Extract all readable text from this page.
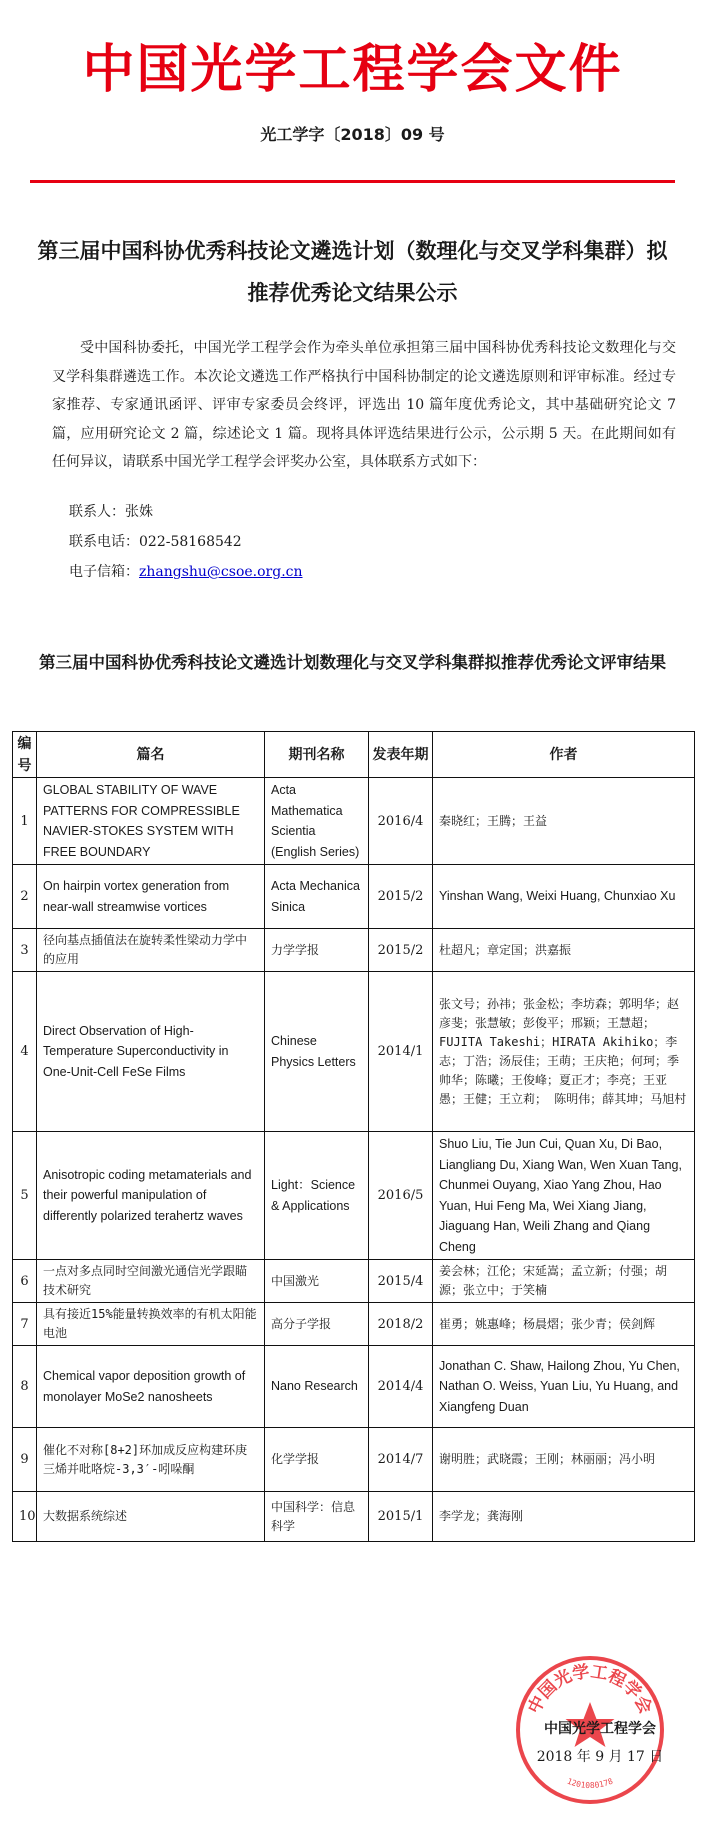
中国光学工程学会文件
光工学字〔2018〕09 号
第三届中国科协优秀科技论文遴选计划（数理化与交叉学科集群）拟推荐优秀论文结果公示
受中国科协委托，中国光学工程学会作为牵头单位承担第三届中国科协优秀科技论文数理化与交叉学科集群遴选工作。本次论文遴选工作严格执行中国科协制定的论文遴选原则和评审标准。经过专家推荐、专家通讯函评、评审专家委员会终评，评选出 10 篇年度优秀论文，其中基础研究论文 7 篇，应用研究论文 2 篇，综述论文 1 篇。现将具体评选结果进行公示，公示期 5 天。在此期间如有任何异议，请联系中国光学工程学会评奖办公室，具体联系方式如下：
联系人：张姝
联系电话：022-58168542
电子信箱：zhangshu@csoe.org.cn
第三届中国科协优秀科技论文遴选计划数理化与交叉学科集群拟推荐优秀论文评审结果
编号	篇名	期刊名称	发表年期	作者
1	GLOBAL STABILITY OF WAVE PATTERNS FOR COMPRESSIBLE NAVIER-STOKES SYSTEM WITH FREE BOUNDARY	Acta Mathematica Scientia (English Series)	2016/4	秦晓红；王腾；王益
2	On hairpin vortex generation from near-wall streamwise vortices	Acta Mechanica Sinica	2015/2	Yinshan Wang, Weixi Huang, Chunxiao Xu
3	径向基点插值法在旋转柔性梁动力学中的应用	力学学报	2015/2	杜超凡；章定国；洪嘉振
4	Direct Observation of High-Temperature Superconductivity in One-Unit-Cell FeSe Films	Chinese Physics Letters	2014/1	张文号；孙祎；张金松；李坊森；郭明华；赵彦斐；张慧敏；彭俊平；邢颖；王慧超；FUJITA Takeshi；HIRATA Akihiko；李志；丁浩；汤辰佳；王萌；王庆艳；何珂；季帅华；陈曦；王俊峰；夏正才；李亮；王亚愚；王健；王立莉； 陈明伟；薛其坤；马旭村
5	Anisotropic coding metamaterials and their powerful manipulation of differently polarized terahertz waves	Light：Science & Applications	2016/5	Shuo Liu, Tie Jun Cui, Quan Xu, Di Bao, Liangliang Du, Xiang Wan, Wen Xuan Tang, Chunmei Ouyang, Xiao Yang Zhou, Hao Yuan, Hui Feng Ma, Wei Xiang Jiang, Jiaguang Han, Weili Zhang and Qiang Cheng
6	一点对多点同时空间激光通信光学跟瞄技术研究	中国激光	2015/4	姜会林；江伦；宋延嵩；孟立新；付强；胡源；张立中；于笑楠
7	具有接近15%能量转换效率的有机太阳能电池	高分子学报	2018/2	崔勇；姚惠峰；杨晨熠；张少青；侯剑辉
8	Chemical vapor deposition growth of monolayer MoSe2 nanosheets	Nano Research	2014/4	Jonathan C. Shaw, Hailong Zhou, Yu Chen, Nathan O. Weiss, Yuan Liu, Yu Huang, and Xiangfeng Duan
9	催化不对称[8+2]环加成反应构建环庚三烯并吡咯烷-3,3′-吲哚酮	化学学报	2014/7	谢明胜；武晓霞；王刚；林丽丽；冯小明
10	大数据系统综述	中国科学：信息科学	2015/1	李学龙；龚海刚
中国光学工程学会
1201080178
中国光学工程学会
2018 年 9 月 17 日
